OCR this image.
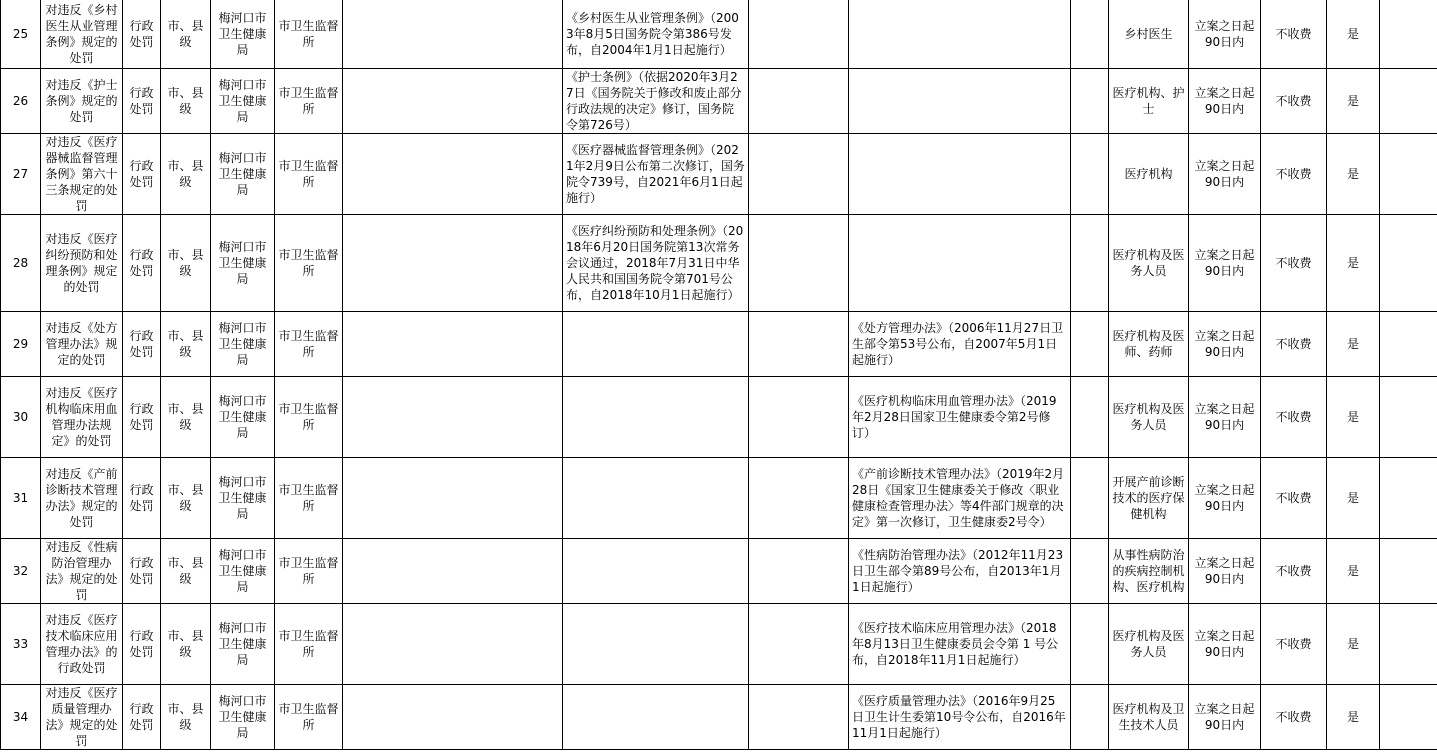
25	对违反《乡村医生从业管理条例》规定的处罚	行政处罚	市、县级	梅河口市卫生健康局	市卫生监督所		《乡村医生从业管理条例》（2003年8月5日国务院令第386号发布，自2004年1月1日起施行）				乡村医生	立案之日起90日内	不收费	是	
26	对违反《护士条例》规定的处罚	行政处罚	市、县级	梅河口市卫生健康局	市卫生监督所		《护士条例》（依据2020年3月27日《国务院关于修改和废止部分行政法规的决定》修订，国务院令第726号）				医疗机构、护士	立案之日起90日内	不收费	是	
27	对违反《医疗器械监督管理条例》第六十三条规定的处罚	行政处罚	市、县级	梅河口市卫生健康局	市卫生监督所		《医疗器械监督管理条例》（2021年2月9日公布第二次修订，国务院令739号，自2021年6月1日起施行）				医疗机构	立案之日起90日内	不收费	是	
28	对违反《医疗纠纷预防和处理条例》规定的处罚	行政处罚	市、县级	梅河口市卫生健康局	市卫生监督所		《医疗纠纷预防和处理条例》（2018年6月20日国务院第13次常务会议通过，2018年7月31日中华人民共和国国务院令第701号公布，自2018年10月1日起施行）				医疗机构及医务人员	立案之日起90日内	不收费	是	
29	对违反《处方管理办法》规定的处罚	行政处罚	市、县级	梅河口市卫生健康局	市卫生监督所				《处方管理办法》（2006年11月27日卫生部令第53号公布，自2007年5月1日起施行）		医疗机构及医师、药师	立案之日起90日内	不收费	是	
30	对违反《医疗机构临床用血管理办法规定》的处罚	行政处罚	市、县级	梅河口市卫生健康局	市卫生监督所				《医疗机构临床用血管理办法》（2019年2月28日国家卫生健康委令第2号修订）		医疗机构及医务人员	立案之日起90日内	不收费	是	
31	对违反《产前诊断技术管理办法》规定的处罚	行政处罚	市、县级	梅河口市卫生健康局	市卫生监督所				《产前诊断技术管理办法》（2019年2月28日《国家卫生健康委关于修改〈职业健康检查管理办法〉等4件部门规章的决定》第一次修订，卫生健康委2号令）		开展产前诊断技术的医疗保健机构	立案之日起90日内	不收费	是	
32	对违反《性病防治管理办法》规定的处罚	行政处罚	市、县级	梅河口市卫生健康局	市卫生监督所				《性病防治管理办法》（2012年11月23日卫生部令第89号公布，自2013年1月1日起施行）		从事性病防治的疾病控制机构、医疗机构	立案之日起90日内	不收费	是	
33	对违反《医疗技术临床应用管理办法》的行政处罚	行政处罚	市、县级	梅河口市卫生健康局	市卫生监督所				《医疗技术临床应用管理办法》（2018年8月13日卫生健康委员会令第 1 号公布，自2018年11月1日起施行）		医疗机构及医务人员	立案之日起90日内	不收费	是	
34	对违反《医疗质量管理办法》规定的处罚	行政处罚	市、县级	梅河口市卫生健康局	市卫生监督所				《医疗质量管理办法》（2016年9月25日卫生计生委第10号令公布，自2016年11月1日起施行）		医疗机构及卫生技术人员	立案之日起90日内	不收费	是	
